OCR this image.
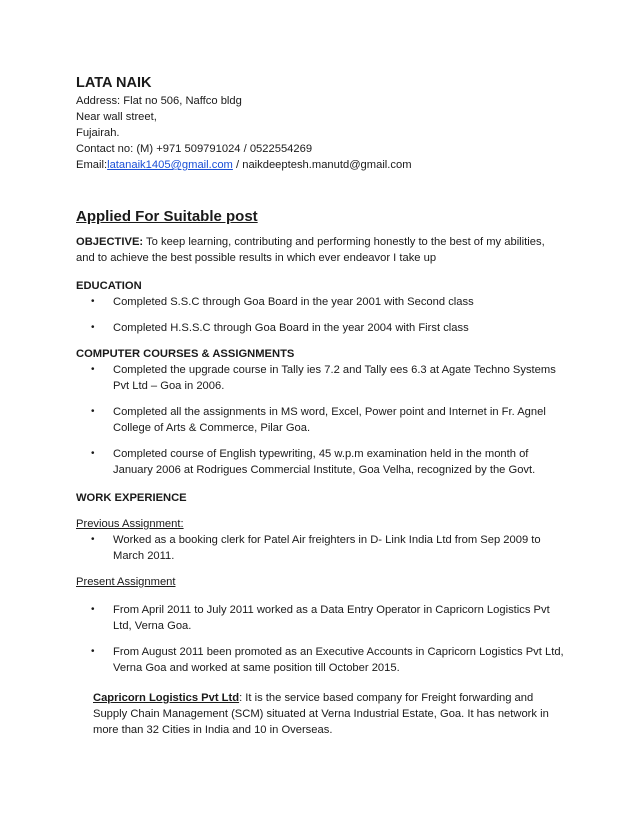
LATA NAIK

Address: Flat no 506, Naffco bldg

Near wall street,

Fujairah.

Contact no: (M) +971 509791024 / 0522554269

Email:latanaik1405@gmail.com / naikdeeptesh.manutd@gmail.com

Applied For Suitable post

OBJECTIVE: To keep learning, contributing and performing honestly to the best of my abilities, and to achieve the best possible results in which ever endeavor I take up

EDUCATION

• Completed S.S.C through Goa Board in the year 2001 with Second class
• Completed H.S.S.C through Goa Board in the year 2004 with First class

COMPUTER COURSES & ASSIGNMENTS

• Completed the upgrade course in Tally ies 7.2 and Tally ees 6.3 at Agate Techno Systems Pvt Ltd – Goa in 2006.
• Completed all the assignments in MS word, Excel, Power point and Internet in Fr. Agnel College of Arts & Commerce, Pilar Goa.
• Completed course of English typewriting, 45 w.p.m examination held in the month of January 2006 at Rodrigues Commercial Institute, Goa Velha, recognized by the Govt.

WORK EXPERIENCE

Previous Assignment:

• Worked as a booking clerk for Patel Air freighters in D- Link India Ltd from Sep 2009 to March 2011.

Present Assignment

• From April 2011 to July 2011 worked as a Data Entry Operator in Capricorn Logistics Pvt Ltd, Verna Goa.
• From August 2011 been promoted as an Executive Accounts in Capricorn Logistics Pvt Ltd, Verna Goa and worked at same position till October 2015.

Capricorn Logistics Pvt Ltd: It is the service based company for Freight forwarding and Supply Chain Management (SCM) situated at Verna Industrial Estate, Goa. It has network in more than 32 Cities in India and 10 in Overseas.
